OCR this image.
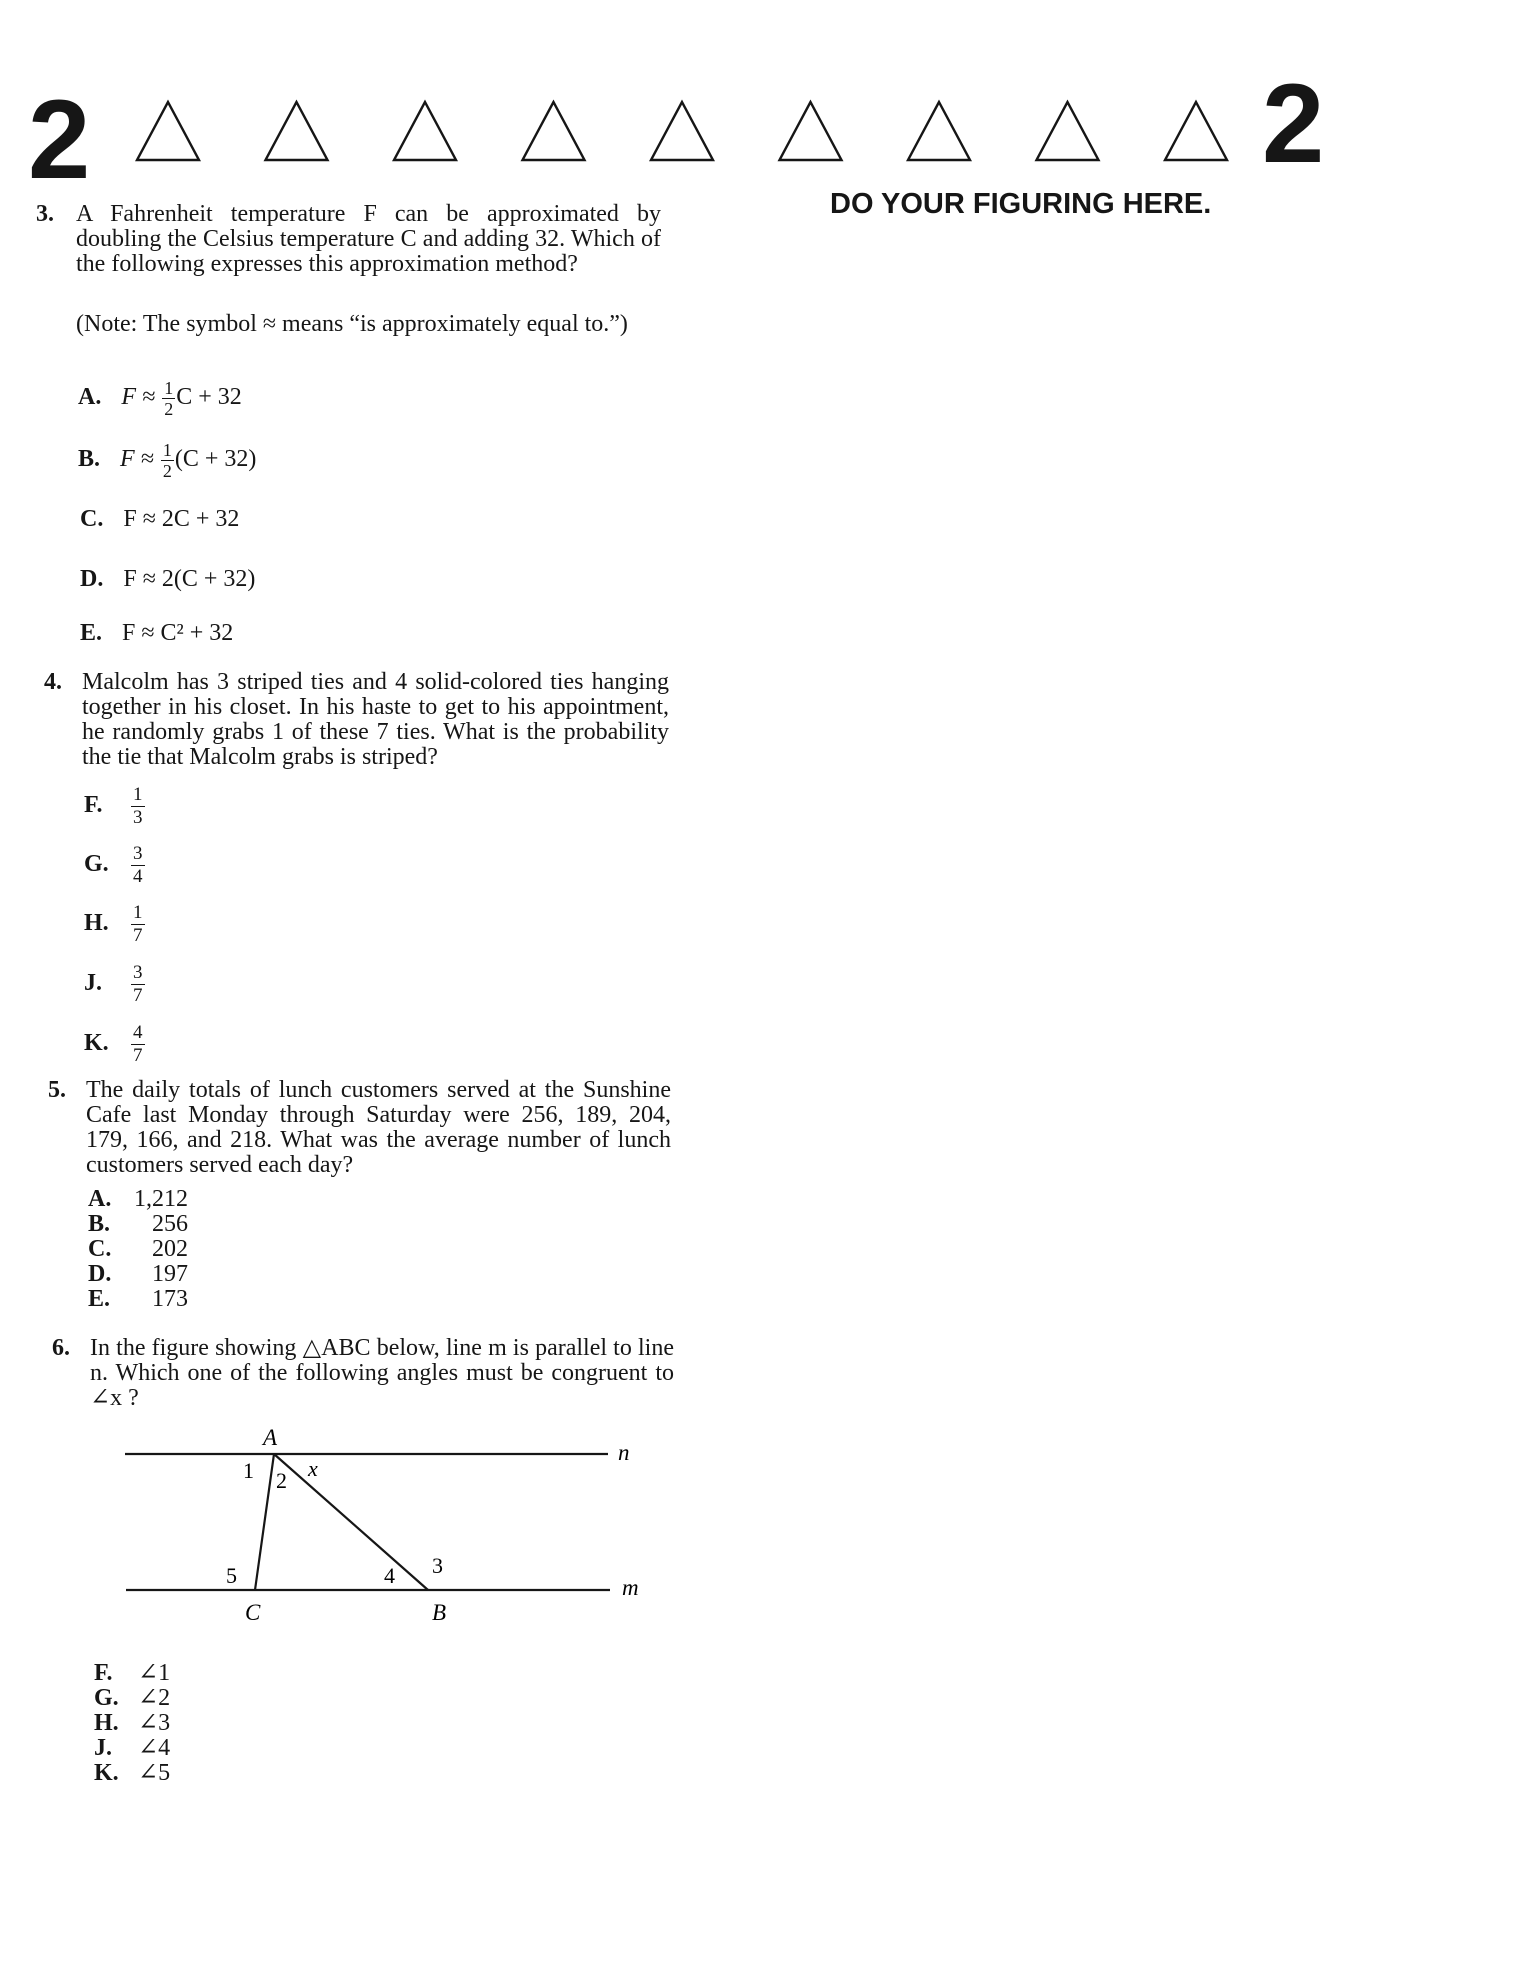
2	2
DO YOUR FIGURING HERE.
3. A Fahrenheit temperature F can be approximated by doubling the Celsius temperature C and adding 32. Which of the following expresses this approximation method?
(Note: The symbol ≈ means “is approximately equal to.”)
A. $F \approx \frac{1}{2}$ C + 32
B. $F \approx \frac{1}{2} (C + 32)$
C. F ≈ 2C + 32
D. F ≈ 2(C + 32)
E. F ≈ C² + 32
4. Malcolm has 3 striped ties and 4 solid-colored ties hanging together in his closet. In his haste to get to his appointment, he randomly grabs 1 of these 7 ties. What is the probability the tie that Malcolm grabs is striped?
F. $\frac{1}{3}$
G. $\frac{3}{4}$
H. $\frac{1}{7}$
J. $\frac{3}{7}$
K. $\frac{4}{7}$
5. The daily totals of lunch customers served at the Sunshine Cafe last Monday through Saturday were 256, 189, 204, 179, 166, and 218. What was the average number of lunch customers served each day?
A. 1,212
B. 256
C. 202
D. 197
E. 173
6. In the figure showing △ABC below, line m is parallel to line n. Which one of the following angles must be congruent to ∠x ?
A
C	B
n
m
1 2 x
5	4 3
F. ∠1
G. ∠2
H. ∠3
J. ∠4
K. ∠5
